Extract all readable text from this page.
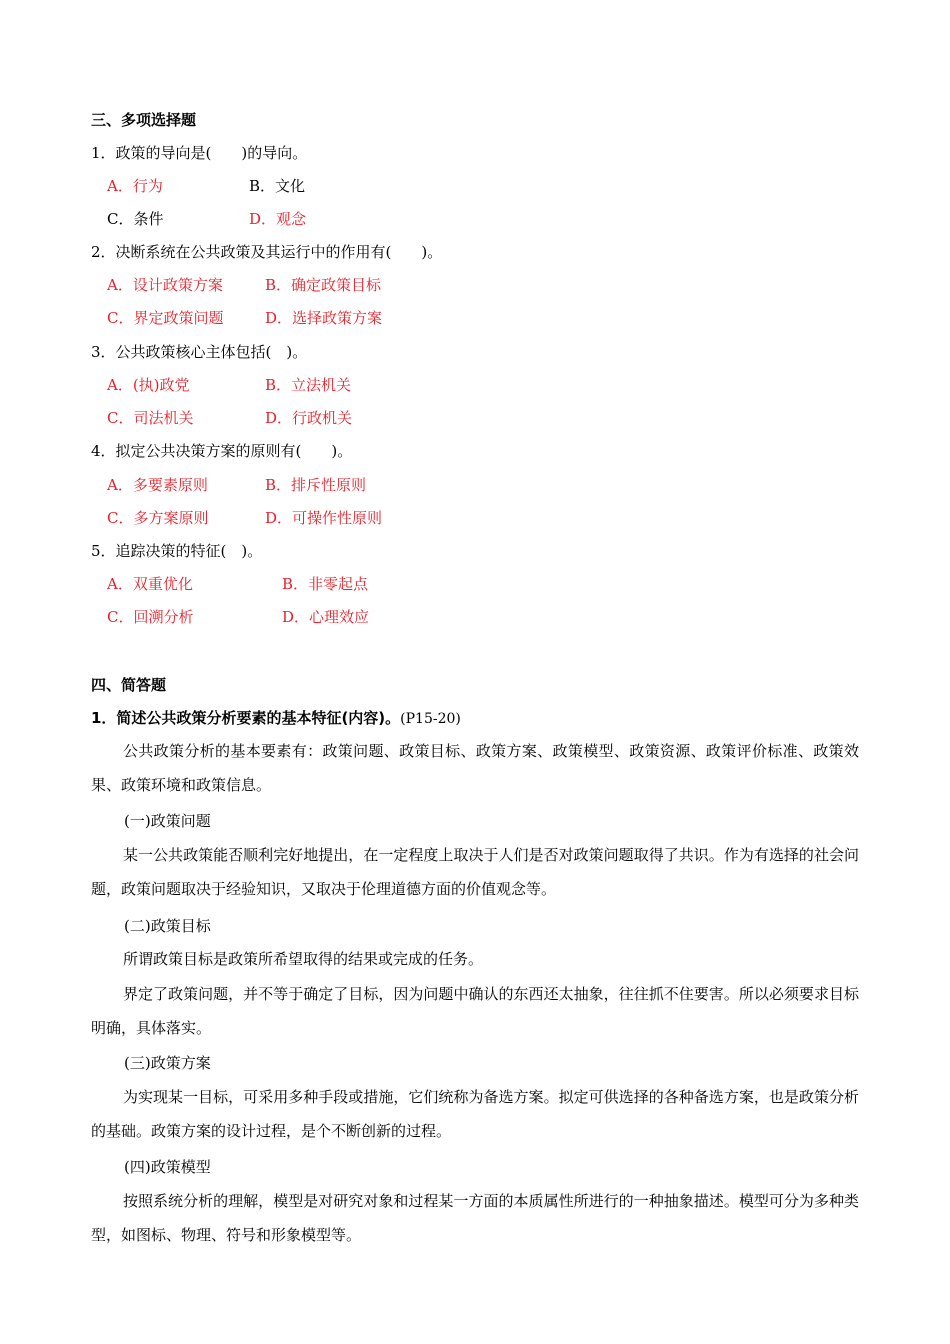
三、多项选择题
1．政策的导向是(　　)的导向。
A．行为	B．文化
C．条件	D．观念
2．决断系统在公共政策及其运行中的作用有(　　)。
A．设计政策方案	B．确定政策目标
C．界定政策问题	D．选择政策方案
3．公共政策核心主体包括(　)。
A．(执)政党	B．立法机关
C．司法机关	D．行政机关
4．拟定公共决策方案的原则有(　　)。
A．多要素原则	B．排斥性原则
C．多方案原则	D．可操作性原则
5．追踪决策的特征(　)。
A．双重优化	B．非零起点
C．回溯分析	D．心理效应
四、简答题
1．简述公共政策分析要素的基本特征(内容)。(P15-20)
公共政策分析的基本要素有：政策问题、政策目标、政策方案、政策模型、政策资源、政策评价标准、政策效果、政策环境和政策信息。
(一)政策问题
某一公共政策能否顺利完好地提出，在一定程度上取决于人们是否对政策问题取得了共识。作为有选择的社会问题，政策问题取决于经验知识，又取决于伦理道德方面的价值观念等。
(二)政策目标
所谓政策目标是政策所希望取得的结果或完成的任务。
界定了政策问题，并不等于确定了目标，因为问题中确认的东西还太抽象，往往抓不住要害。所以必须要求目标明确，具体落实。
(三)政策方案
为实现某一目标，可采用多种手段或措施，它们统称为备选方案。拟定可供选择的各种备选方案，也是政策分析的基础。政策方案的设计过程，是个不断创新的过程。
(四)政策模型
按照系统分析的理解，模型是对研究对象和过程某一方面的本质属性所进行的一种抽象描述。模型可分为多种类型，如图标、物理、符号和形象模型等。
